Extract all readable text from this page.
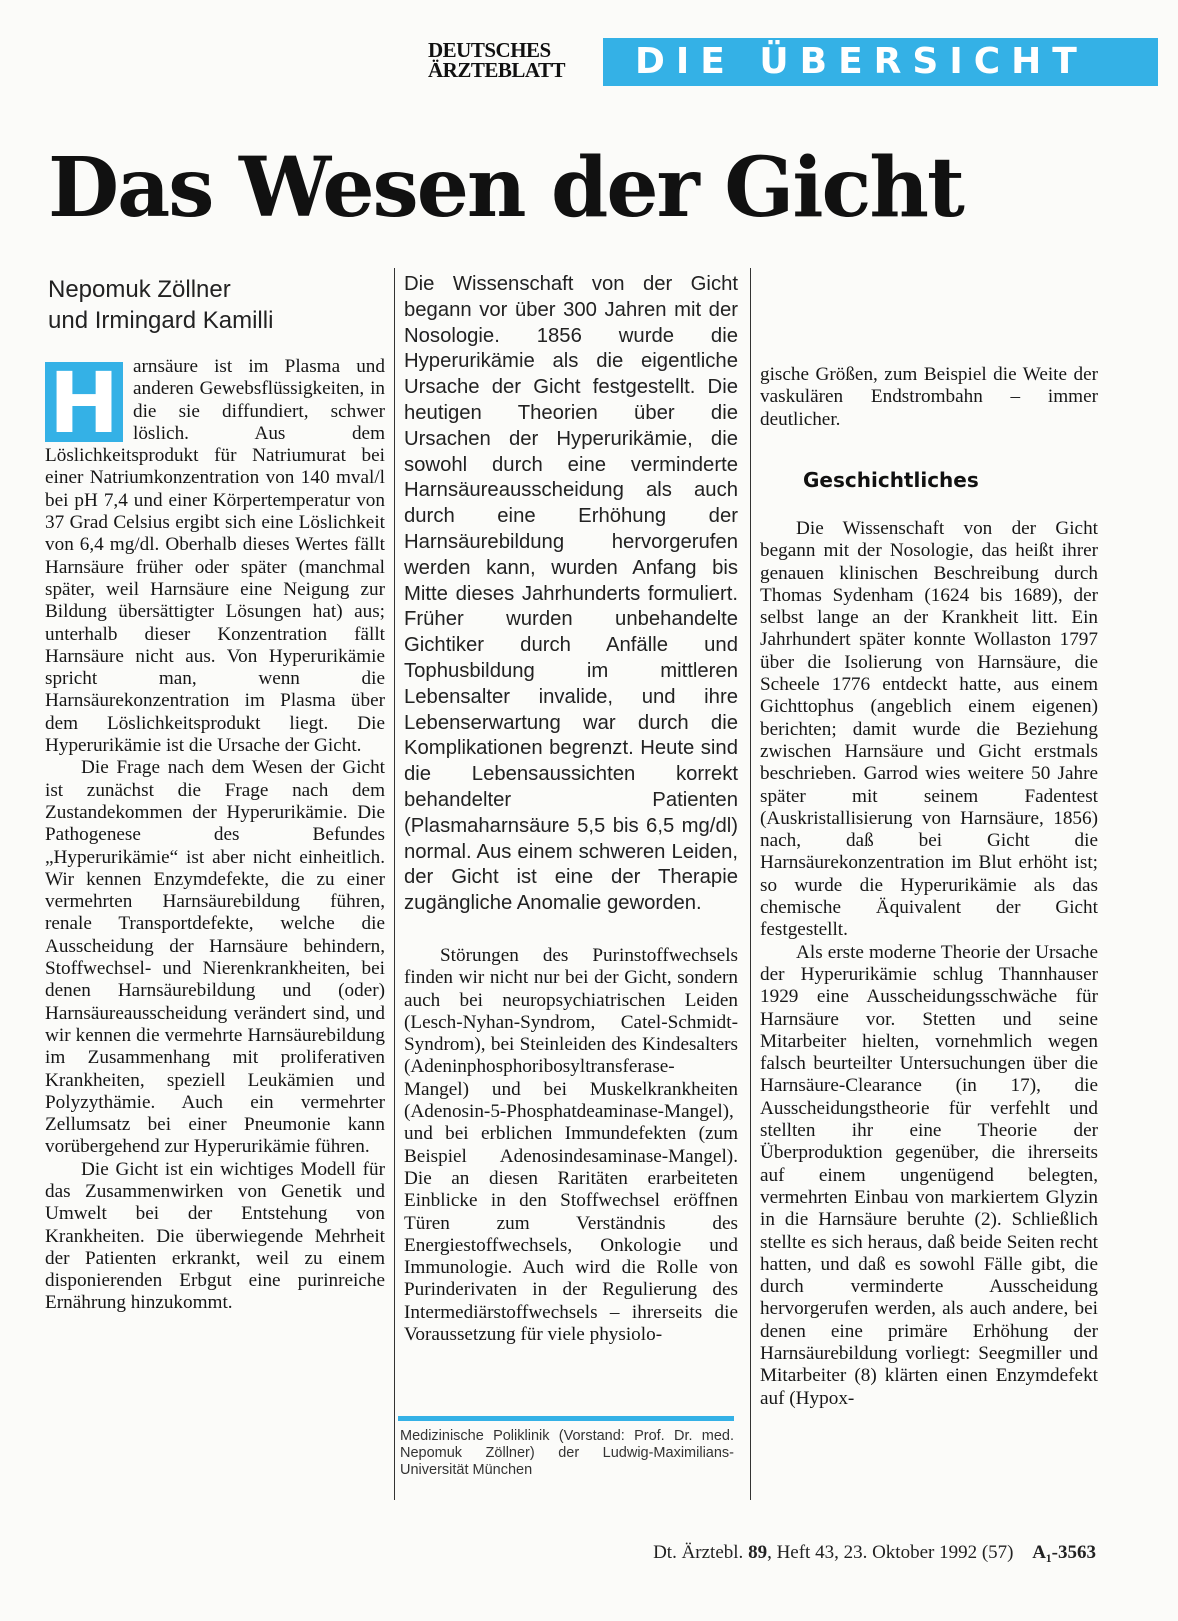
DEUTSCHES
ÄRZTEBLATT	DIE ÜBERSICHT
Das Wesen der Gicht
Nepomuk Zöllner
und Irmingard Kamilli

H arnsäure ist im Plasma und anderen Gewebsflüssigkeiten, in die sie diffundiert, schwer löslich. Aus dem Löslichkeitsprodukt für Natriumurat bei einer Natriumkonzentration von 140 mval/l bei pH 7,4 und einer Körpertemperatur von 37 Grad Celsius ergibt sich eine Löslichkeit von 6,4 mg/dl. Oberhalb dieses Wertes fällt Harnsäure früher oder später (manchmal später, weil Harnsäure eine Neigung zur Bildung übersättigter Lösungen hat) aus; unterhalb dieser Konzentration fällt Harnsäure nicht aus. Von Hyperurikämie spricht man, wenn die Harnsäurekonzentration im Plasma über dem Löslichkeitsprodukt liegt. Die Hyperurikämie ist die Ursache der Gicht.

Die Frage nach dem Wesen der Gicht ist zunächst die Frage nach dem Zustandekommen der Hyperurikämie. Die Pathogenese des Befundes „Hyperurikämie“ ist aber nicht einheitlich. Wir kennen Enzymdefekte, die zu einer vermehrten Harnsäurebildung führen, renale Transportdefekte, welche die Ausscheidung der Harnsäure behindern, Stoffwechsel- und Nierenkrankheiten, bei denen Harnsäurebildung und (oder) Harnsäureausscheidung verändert sind, und wir kennen die vermehrte Harnsäurebildung im Zusammenhang mit proliferativen Krankheiten, speziell Leukämien und Polyzythämie. Auch ein vermehrter Zellumsatz bei einer Pneumonie kann vorübergehend zur Hyperurikämie führen.

Die Gicht ist ein wichtiges Modell für das Zusammenwirken von Genetik und Umwelt bei der Entstehung von Krankheiten. Die überwiegende Mehrheit der Patienten erkrankt, weil zu einem disponierenden Erbgut eine purinreiche Ernährung hinzukommt.

Die Wissenschaft von der Gicht begann vor über 300 Jahren mit der Nosologie. 1856 wurde die Hyperurikämie als die eigentliche Ursache der Gicht festgestellt. Die heutigen Theorien über die Ursachen der Hyperurikämie, die sowohl durch eine verminderte Harnsäureausscheidung als auch durch eine Erhöhung der Harnsäurebildung hervorgerufen werden kann, wurden Anfang bis Mitte dieses Jahrhunderts formuliert. Früher wurden unbehandelte Gichtiker durch Anfälle und Tophusbildung im mittleren Lebensalter invalide, und ihre Lebenserwartung war durch die Komplikationen begrenzt. Heute sind die Lebensaussichten korrekt behandelter Patienten (Plasmaharnsäure 5,5 bis 6,5 mg/dl) normal. Aus einem schweren Leiden, der Gicht ist eine der Therapie zugängliche Anomalie geworden.

Störungen des Purinstoffwechsels finden wir nicht nur bei der Gicht, sondern auch bei neuropsychiatrischen Leiden (Lesch-Nyhan-Syndrom, Catel-Schmidt-Syndrom), bei Steinleiden des Kindesalters (Adeninphosphoribosyltransferase-Mangel) und bei Muskelkrankheiten (Adenosin-5-Phosphatdeaminase-Mangel), und bei erblichen Immundefekten (zum Beispiel Adenosindesaminase-Mangel). Die an diesen Raritäten erarbeiteten Einblicke in den Stoffwechsel eröffnen Türen zum Verständnis des Energiestoffwechsels, Onkologie und Immunologie. Auch wird die Rolle von Purinderivaten in der Regulierung des Intermediärstoffwechsels – ihrerseits die Voraussetzung für viele physiolo-

Medizinische Poliklinik (Vorstand: Prof. Dr. med. Nepomuk Zöllner) der Ludwig-Maximilians-Universität München

gische Größen, zum Beispiel die Weite der vaskulären Endstrombahn – immer deutlicher.

Geschichtliches

Die Wissenschaft von der Gicht begann mit der Nosologie, das heißt ihrer genauen klinischen Beschreibung durch Thomas Sydenham (1624 bis 1689), der selbst lange an der Krankheit litt. Ein Jahrhundert später konnte Wollaston 1797 über die Isolierung von Harnsäure, die Scheele 1776 entdeckt hatte, aus einem Gichttophus (angeblich einem eigenen) berichten; damit wurde die Beziehung zwischen Harnsäure und Gicht erstmals beschrieben. Garrod wies weitere 50 Jahre später mit seinem Fadentest (Auskristallisierung von Harnsäure, 1856) nach, daß bei Gicht die Harnsäurekonzentration im Blut erhöht ist; so wurde die Hyperurikämie als das chemische Äquivalent der Gicht festgestellt.

Als erste moderne Theorie der Ursache der Hyperurikämie schlug Thannhauser 1929 eine Ausscheidungsschwäche für Harnsäure vor. Stetten und seine Mitarbeiter hielten, vornehmlich wegen falsch beurteilter Untersuchungen über die Harnsäure-Clearance (in 17), die Ausscheidungstheorie für verfehlt und stellten ihr eine Theorie der Überproduktion gegenüber, die ihrerseits auf einem ungenügend belegten, vermehrten Einbau von markiertem Glyzin in die Harnsäure beruhte (2). Schließlich stellte es sich heraus, daß beide Seiten recht hatten, und daß es sowohl Fälle gibt, die durch verminderte Ausscheidung hervorgerufen werden, als auch andere, bei denen eine primäre Erhöhung der Harnsäurebildung vorliegt: Seegmiller und Mitarbeiter (8) klärten einen Enzymdefekt auf (Hypox-

Dt. Ärztebl. 89, Heft 43, 23. Oktober 1992 (57) A₁-3563
